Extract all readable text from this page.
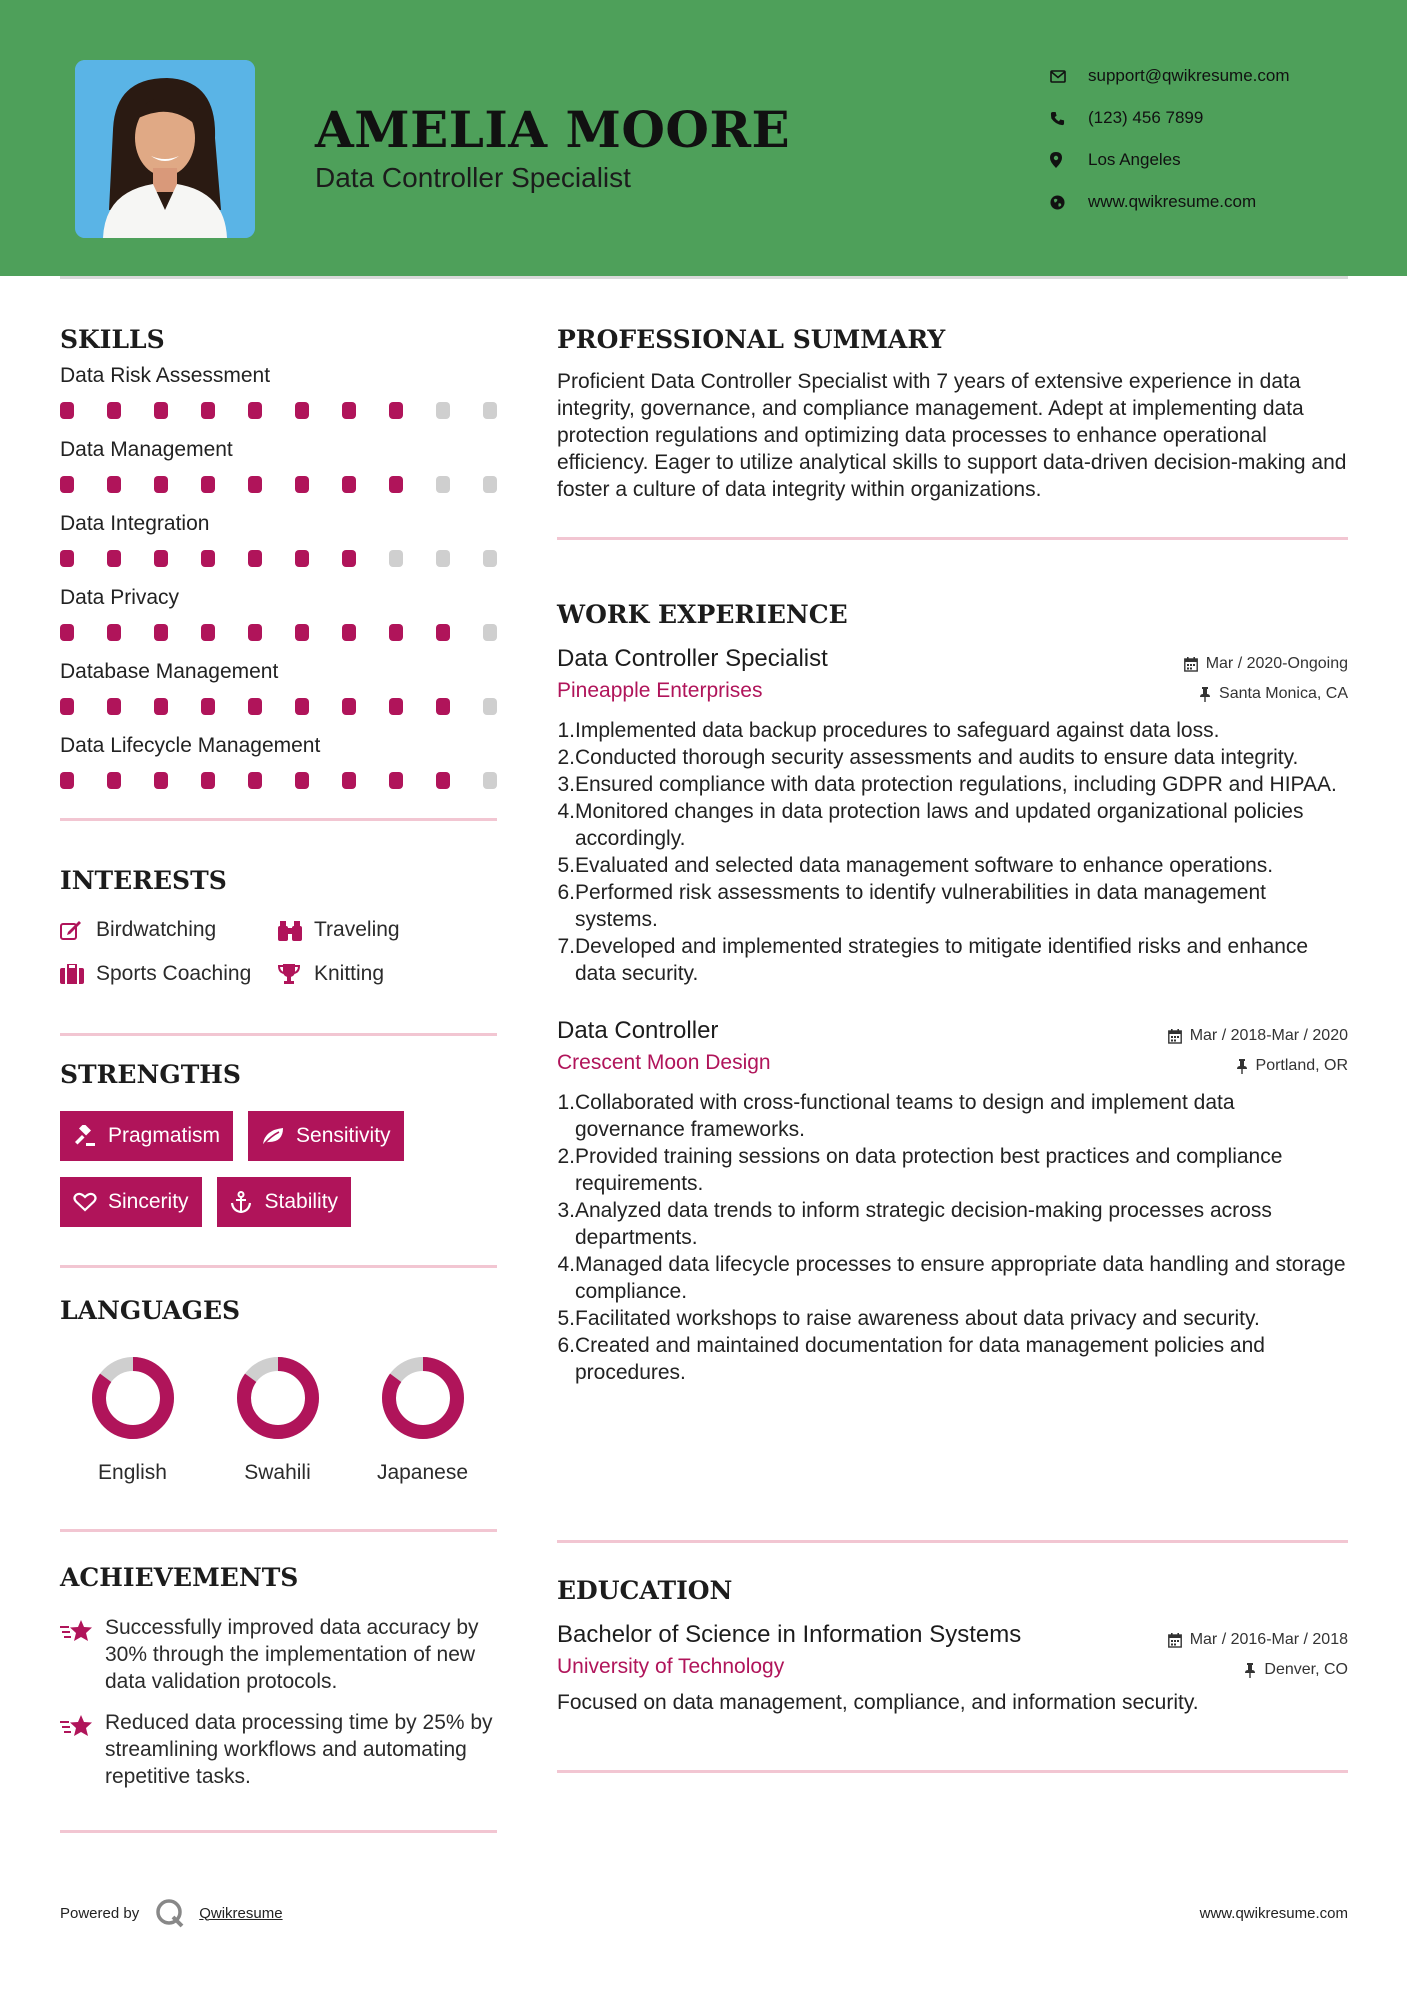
AMELIA MOORE
Data Controller Specialist
support@qwikresume.com
(123) 456 7899
Los Angeles
www.qwikresume.com
SKILLS
Data Risk Assessment
Data Management
Data Integration
Data Privacy
Database Management
Data Lifecycle Management
INTERESTS
Birdwatching	Traveling
Sports Coaching	Knitting
STRENGTHS
Pragmatism	Sensitivity
Sincerity	Stability
LANGUAGES
English	Swahili	Japanese
ACHIEVEMENTS
Successfully improved data accuracy by 30% through the implementation of new data validation protocols.
Reduced data processing time by 25% by streamlining workflows and automating repetitive tasks.
PROFESSIONAL SUMMARY
Proficient Data Controller Specialist with 7 years of extensive experience in data integrity, governance, and compliance management. Adept at implementing data protection regulations and optimizing data processes to enhance operational efficiency. Eager to utilize analytical skills to support data-driven decision-making and foster a culture of data integrity within organizations.
WORK EXPERIENCE
Data Controller Specialist	Mar / 2020-Ongoing
Pineapple Enterprises	Santa Monica, CA
1. Implemented data backup procedures to safeguard against data loss.
2. Conducted thorough security assessments and audits to ensure data integrity.
3. Ensured compliance with data protection regulations, including GDPR and HIPAA.
4. Monitored changes in data protection laws and updated organizational policies accordingly.
5. Evaluated and selected data management software to enhance operations.
6. Performed risk assessments to identify vulnerabilities in data management systems.
7. Developed and implemented strategies to mitigate identified risks and enhance data security.
Data Controller	Mar / 2018-Mar / 2020
Crescent Moon Design	Portland, OR
1. Collaborated with cross-functional teams to design and implement data governance frameworks.
2. Provided training sessions on data protection best practices and compliance requirements.
3. Analyzed data trends to inform strategic decision-making processes across departments.
4. Managed data lifecycle processes to ensure appropriate data handling and storage compliance.
5. Facilitated workshops to raise awareness about data privacy and security.
6. Created and maintained documentation for data management policies and procedures.
EDUCATION
Bachelor of Science in Information Systems	Mar / 2016-Mar / 2018
University of Technology	Denver, CO
Focused on data management, compliance, and information security.
Powered by	Qwikresume	www.qwikresume.com
